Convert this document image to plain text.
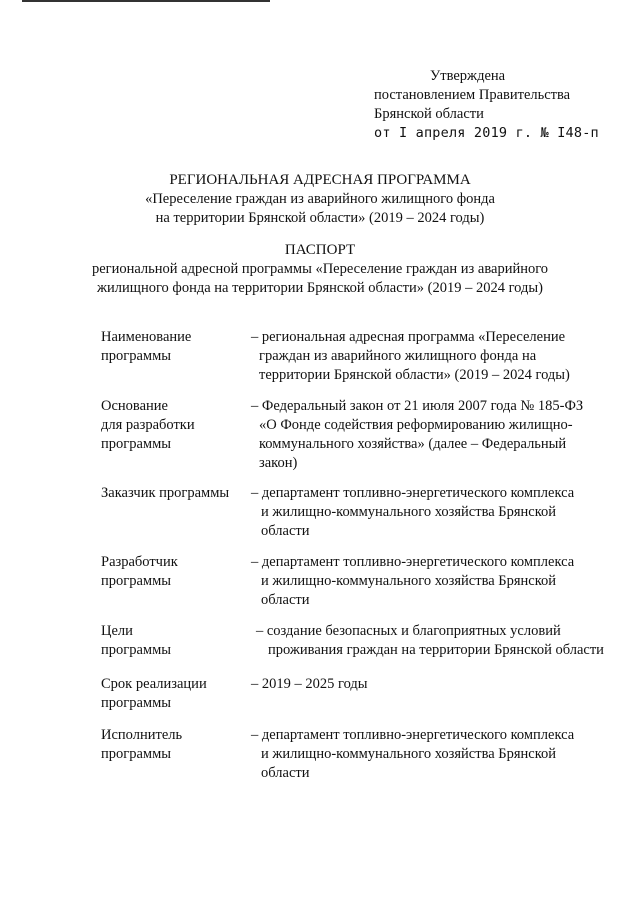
Утверждена
постановлением Правительства
Брянской области
от I апреля 2019 г. № I48-п
РЕГИОНАЛЬНАЯ АДРЕСНАЯ ПРОГРАММА
«Переселение граждан из аварийного жилищного фонда
на территории Брянской области» (2019 – 2024 годы)
ПАСПОРТ
региональной адресной программы «Переселение граждан из аварийного
жилищного фонда на территории Брянской области» (2019 – 2024 годы)
Наименование
программы
– региональная адресная программа «Переселение
граждан из аварийного жилищного фонда на
территории Брянской области» (2019 – 2024 годы)
Основание
для разработки
программы
– Федеральный закон от 21 июля 2007 года № 185-ФЗ
«О Фонде содействия реформированию жилищно-
коммунального хозяйства» (далее – Федеральный
закон)
Заказчик программы	– департамент топливно-энергетического комплекса
и жилищно-коммунального хозяйства Брянской
области
Разработчик
программы
– департамент топливно-энергетического комплекса
и жилищно-коммунального хозяйства Брянской
области
Цели
программы
– создание безопасных и благоприятных условий
проживания граждан на территории Брянской области
Срок реализации
программы
– 2019 – 2025 годы
Исполнитель
программы
– департамент топливно-энергетического комплекса
и жилищно-коммунального хозяйства Брянской
области
